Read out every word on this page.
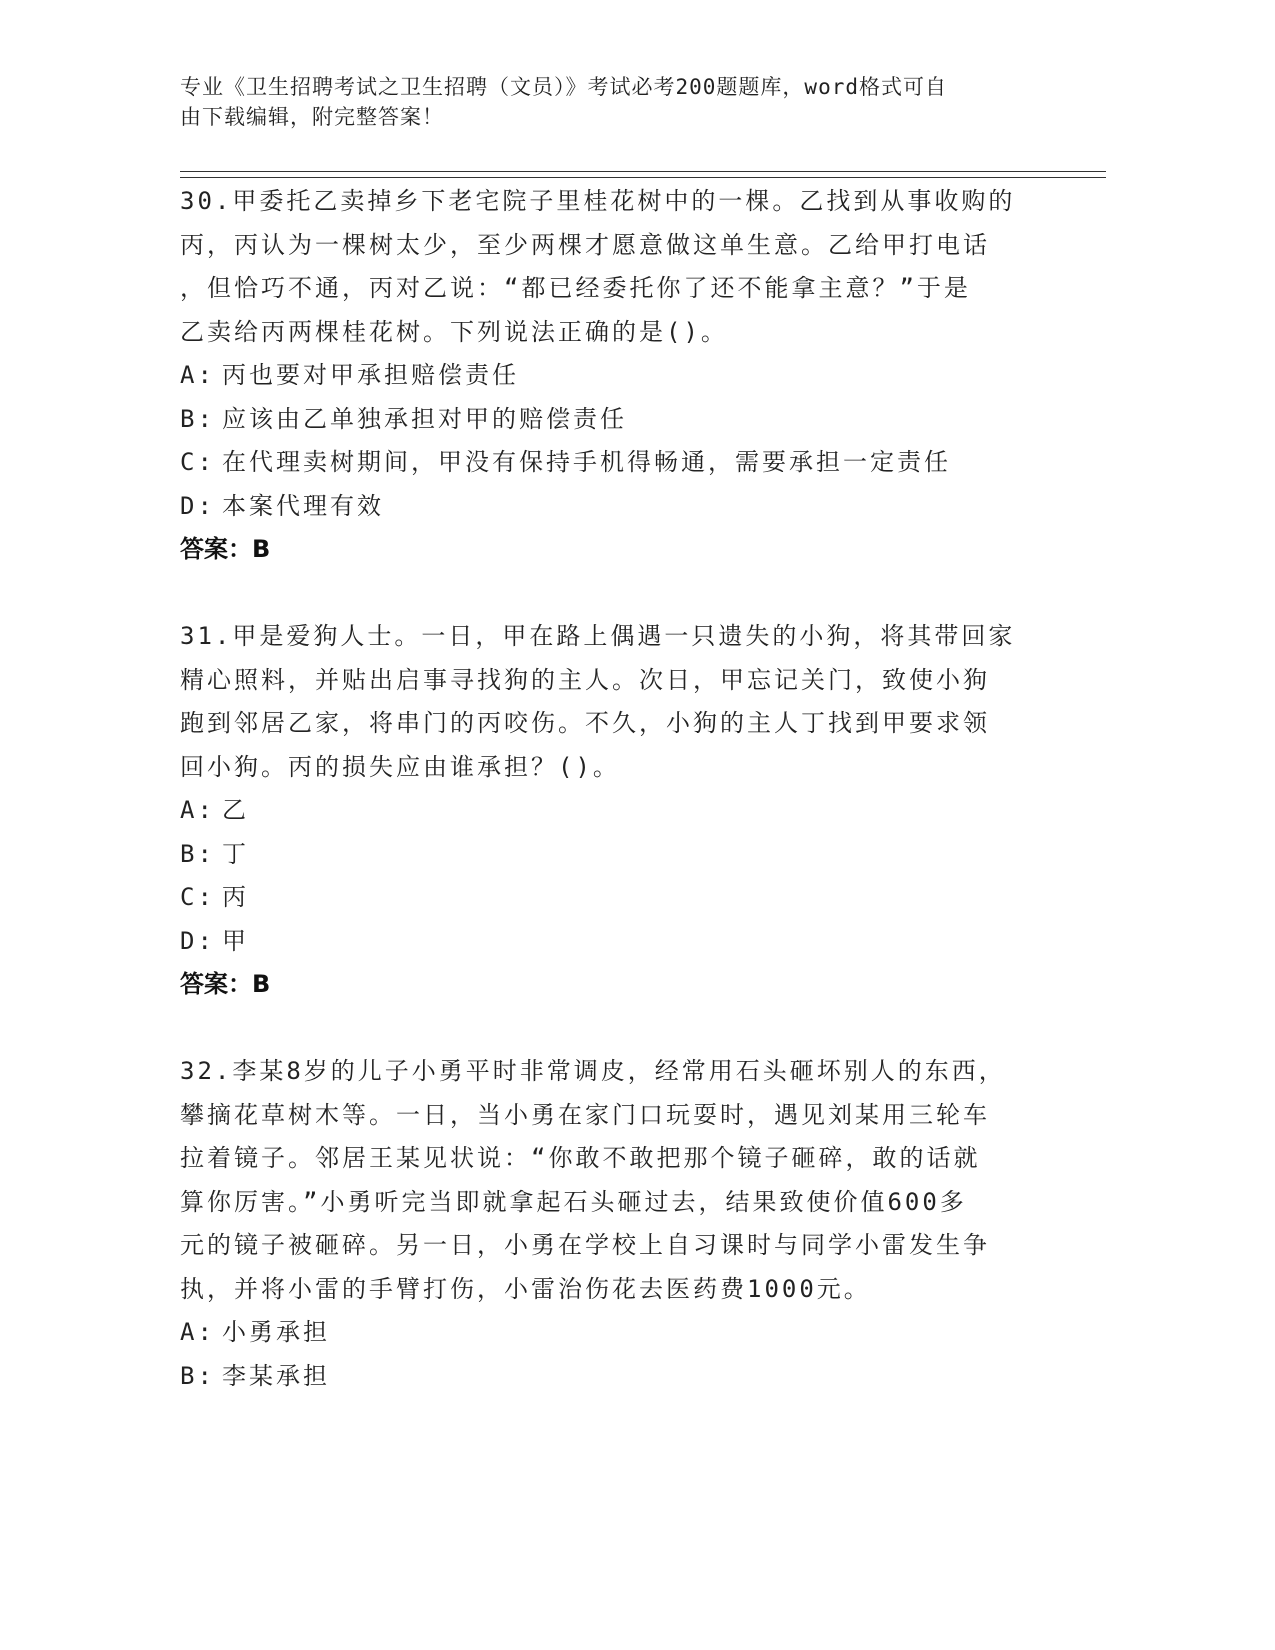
专业《卫生招聘考试之卫生招聘（文员）》考试必考200题题库，word格式可自
由下载编辑，附完整答案！
30.甲委托乙卖掉乡下老宅院子里桂花树中的一棵。乙找到从事收购的
丙，丙认为一棵树太少，至少两棵才愿意做这单生意。乙给甲打电话
，但恰巧不通，丙对乙说：“都已经委托你了还不能拿主意？”于是
乙卖给丙两棵桂花树。下列说法正确的是()。
A: 丙也要对甲承担赔偿责任
B: 应该由乙单独承担对甲的赔偿责任
C: 在代理卖树期间，甲没有保持手机得畅通，需要承担一定责任
D: 本案代理有效
答案：B
31.甲是爱狗人士。一日，甲在路上偶遇一只遗失的小狗，将其带回家
精心照料，并贴出启事寻找狗的主人。次日，甲忘记关门，致使小狗
跑到邻居乙家，将串门的丙咬伤。不久，小狗的主人丁找到甲要求领
回小狗。丙的损失应由谁承担？()。
A: 乙
B: 丁
C: 丙
D: 甲
答案：B
32.李某8岁的儿子小勇平时非常调皮，经常用石头砸坏别人的东西，
攀摘花草树木等。一日，当小勇在家门口玩耍时，遇见刘某用三轮车
拉着镜子。邻居王某见状说：“你敢不敢把那个镜子砸碎，敢的话就
算你厉害。”小勇听完当即就拿起石头砸过去，结果致使价值600多
元的镜子被砸碎。另一日，小勇在学校上自习课时与同学小雷发生争
执，并将小雷的手臂打伤，小雷治伤花去医药费1000元。
A: 小勇承担
B: 李某承担
